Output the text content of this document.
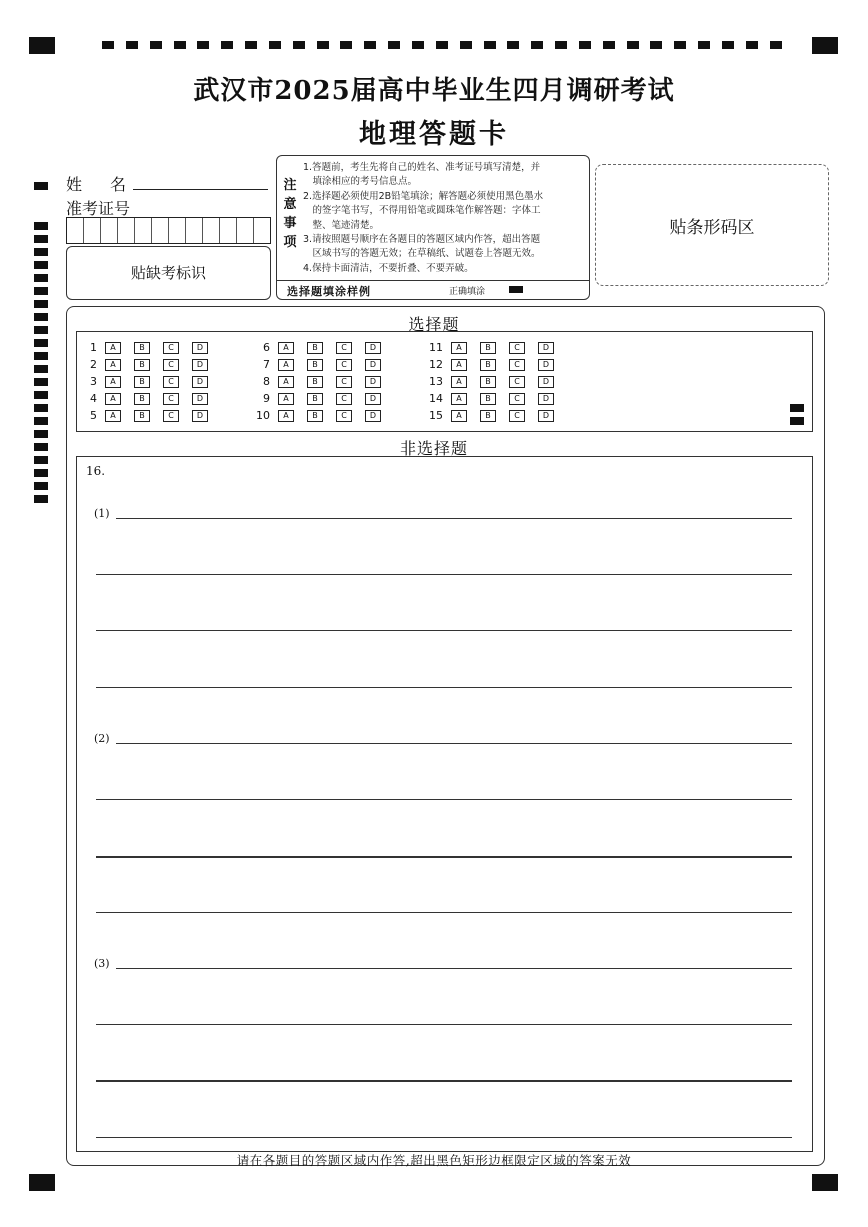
武汉市2025届高中毕业生四月调研考试
地理答题卡
姓　名
准考证号
贴缺考标识
注
意
事
项
1.答题前，考生先将自己的姓名、准考证号填写清楚，并
　填涂相应的考号信息点。
2.选择题必须使用2B铅笔填涂；解答题必须使用黑色墨水
　的签字笔书写，不得用铅笔或圆珠笔作解答题：字体工
　整、笔迹清楚。
3.请按照题号顺序在各题目的答题区域内作答，超出答题
　区域书写的答题无效；在草稿纸、试题卷上答题无效。
4.保持卡面清洁，不要折叠、不要弄破。
选择题填涂样例	正确填涂
贴条形码区
选择题
1	A	B	C	D
2	A	B	C	D
3	A	B	C	D
4	A	B	C	D
5	A	B	C	D
6	A	B	C	D
7	A	B	C	D
8	A	B	C	D
9	A	B	C	D
10	A	B	C	D
11	A	B	C	D
12	A	B	C	D
13	A	B	C	D
14	A	B	C	D
15	A	B	C	D
非选择题
16.
(1)
(2)
(3)
请在各题目的答题区域内作答,超出黑色矩形边框限定区域的答案无效
